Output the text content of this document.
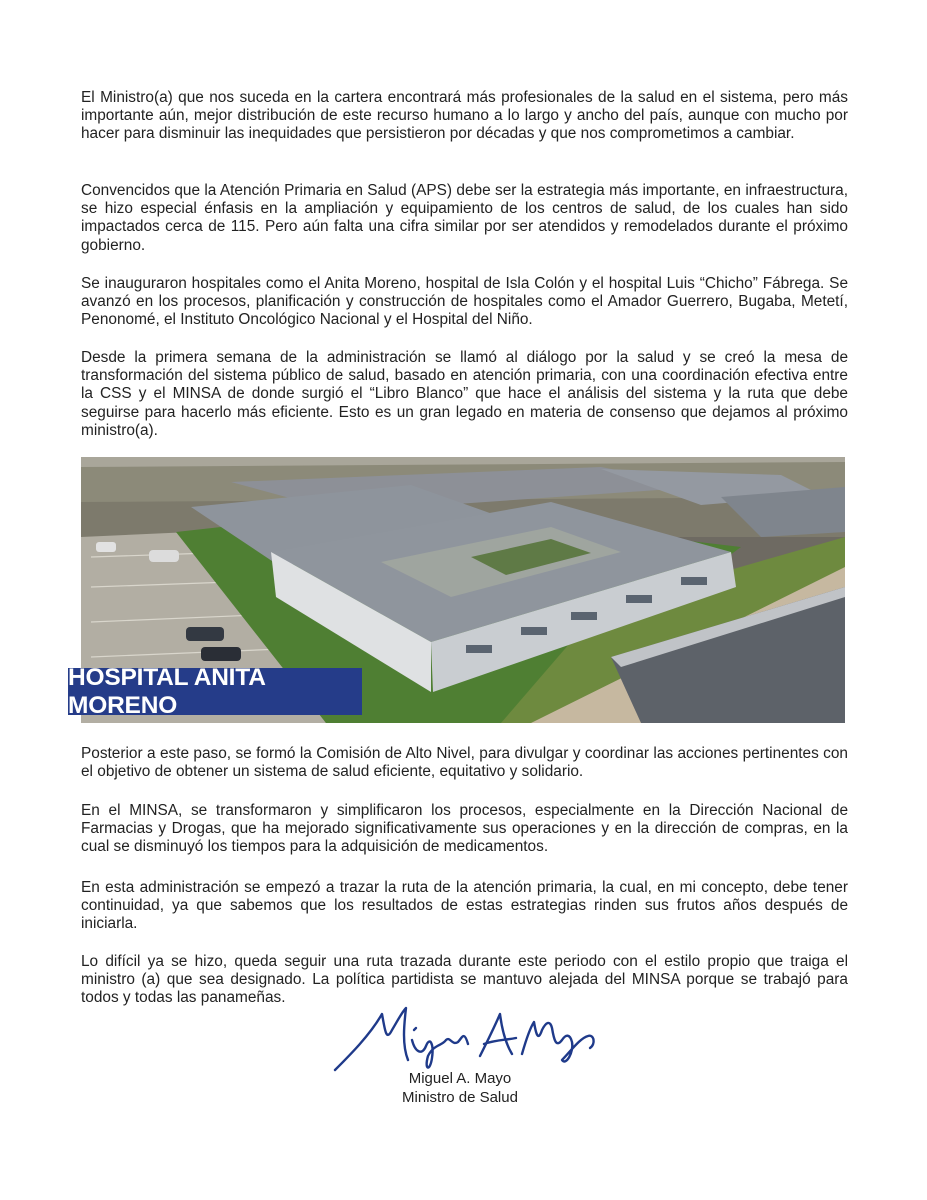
El Ministro(a) que nos suceda en la cartera encontrará más profesionales de la salud en el sistema, pero más importante aún, mejor distribución de este recurso humano a lo largo y ancho del país, aunque con mucho por hacer para disminuir las inequidades que persistieron por décadas y que nos comprometimos a cambiar.

Convencidos que la Atención Primaria en Salud (APS) debe ser la estrategia más importante, en infraestructura, se hizo especial énfasis en la ampliación y equipamiento de los centros de salud, de los cuales han sido impactados cerca de 115. Pero aún falta una cifra similar por ser atendidos y remodelados durante el próximo gobierno.

Se inauguraron hospitales como el Anita Moreno, hospital de Isla Colón y el hospital Luis “Chicho” Fábrega. Se avanzó en los procesos, planificación y construcción de hospitales como el Amador Guerrero, Bugaba, Metetí, Penonomé, el Instituto Oncológico Nacional y el Hospital del Niño.

Desde la primera semana de la administración se llamó al diálogo por la salud y se creó la mesa de transformación del sistema público de salud, basado en atención primaria, con una coordinación efectiva entre la CSS y el MINSA de donde surgió el “Libro Blanco” que hace el análisis del sistema y la ruta que debe seguirse para hacerlo más eficiente. Esto es un gran legado en materia de consenso que dejamos al próximo ministro(a).

HOSPITAL ANITA MORENO

Posterior a este paso, se formó la Comisión de Alto Nivel, para divulgar y coordinar las acciones pertinentes con el objetivo de obtener un sistema de salud eficiente, equitativo y solidario.

En el MINSA, se transformaron y simplificaron los procesos, especialmente en la Dirección Nacional de Farmacias y Drogas, que ha mejorado significativamente sus operaciones y en la dirección de compras, en la cual se disminuyó los tiempos para la adquisición de medicamentos.

En esta administración se empezó a trazar la ruta de la atención primaria, la cual, en mi concepto, debe tener continuidad, ya que sabemos que los resultados de estas estrategias rinden sus frutos años después de iniciarla.

Lo difícil ya se hizo, queda seguir una ruta trazada durante este periodo con el estilo propio que traiga el ministro (a) que sea designado. La política partidista se mantuvo alejada del MINSA porque se trabajó para todos y todas las panameñas.

Miguel A. Mayo
Ministro de Salud
